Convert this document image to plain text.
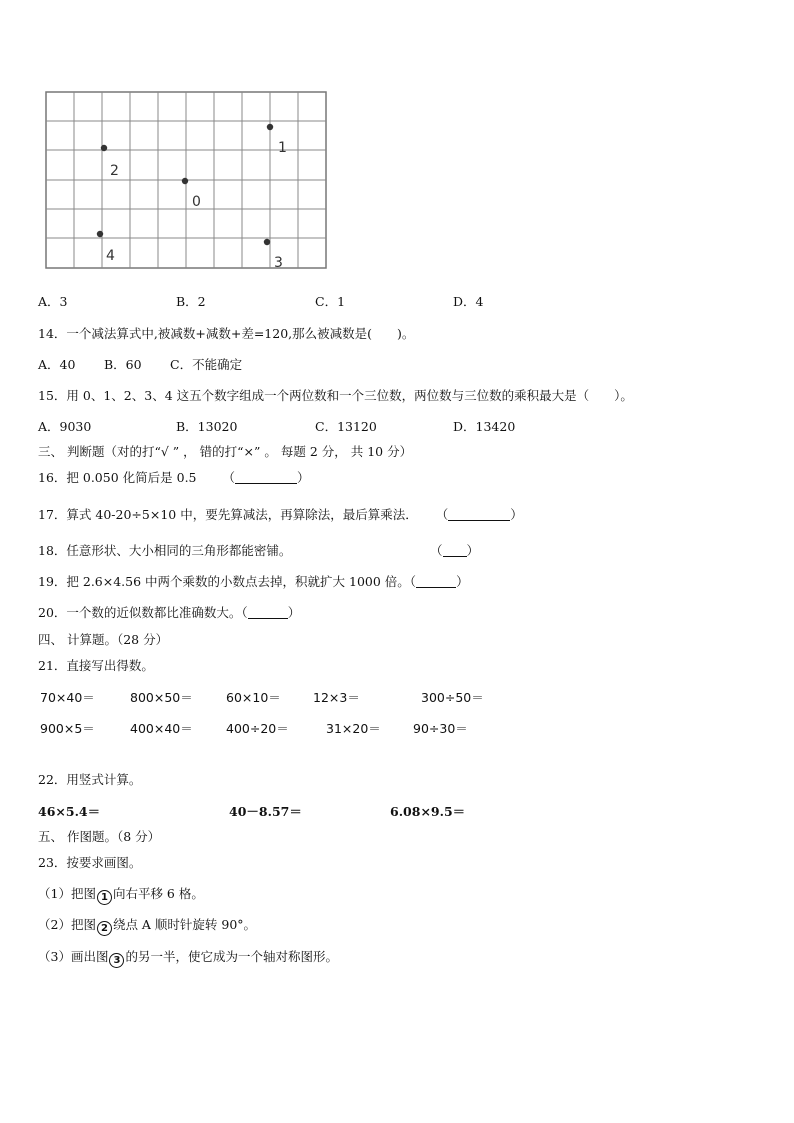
1
2
0
4	3
A．3	B．2	C．1	D．4
14．一个减法算式中,被减数+减数+差=120,那么被减数是(　　)。
A．40 B．60 C．不能确定
15．用 0、1、2、3、4 这五个数字组成一个两位数和一个三位数，两位数与三位数的乘积最大是（　　）。
A．9030	B．13020	C．13120	D．13420
三、 判断题（对的打“√ ” ， 错的打“×” 。 每题 2 分， 共 10 分）
16．把 0.050 化简后是 0.5 （	）
17．算式 40-20÷5×10 中，要先算减法，再算除法，最后算乘法． （	）
18．任意形状、大小相同的三角形都能密铺。	（ ）
19．把 2.6×4.56 中两个乘数的小数点去掉，积就扩大 1000 倍。（	）
20．一个数的近似数都比准确数大。（	）
四、 计算题。（28 分）
21．直接写出得数。
70×40＝	800×50＝	60×10＝	12×3＝	300÷50＝
900×5＝	400×40＝	400÷20＝	31×20＝	90÷30＝
22．用竖式计算。
46×5.4＝	40－8.57＝	6.08×9.5＝
五、 作图题。（8 分）
23．按要求画图。
（1）把图 1 向右平移 6 格。
（2）把图 2 绕点 A 顺时针旋转 90°。
（3）画出图 3 的另一半，使它成为一个轴对称图形。
